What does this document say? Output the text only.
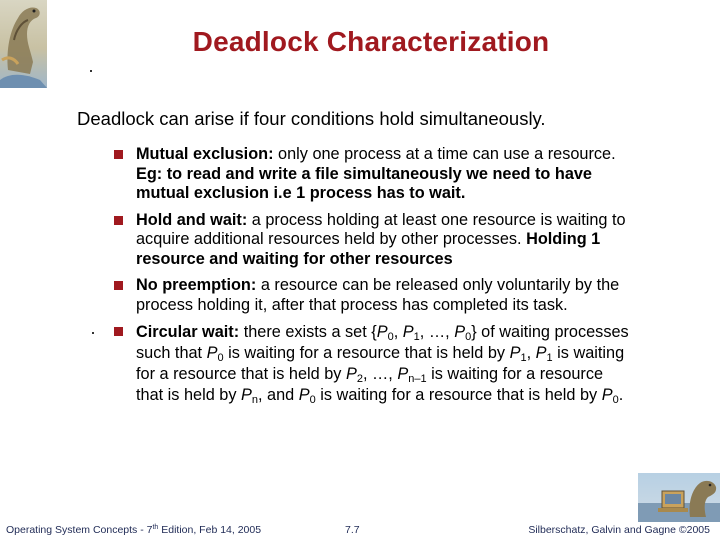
Deadlock Characterization
Deadlock can arise if four conditions hold simultaneously.
Mutual exclusion: only one process at a time can use a resource. Eg: to read and write a file simultaneously we need to have mutual exclusion i.e 1 process has to wait.
Hold and wait: a process holding at least one resource is waiting to acquire additional resources held by other processes. Holding 1 resource and waiting for other resources
No preemption: a resource can be released only voluntarily by the process holding it, after that process has completed its task.
Circular wait: there exists a set {$P_0$, $P_1$, …, $P_0$} of waiting processes such that $P_0$ is waiting for a resource that is held by $P_1$, $P_1$ is waiting for a resource that is held by $P_2$, …, $P_{n-1}$ is waiting for a resource that is held by $P_n$, and $P_0$ is waiting for a resource that is held by $P_0$.
Operating System Concepts - 7th Edition, Feb 14, 2005	7.7	Silberschatz, Galvin and Gagne ©2005
